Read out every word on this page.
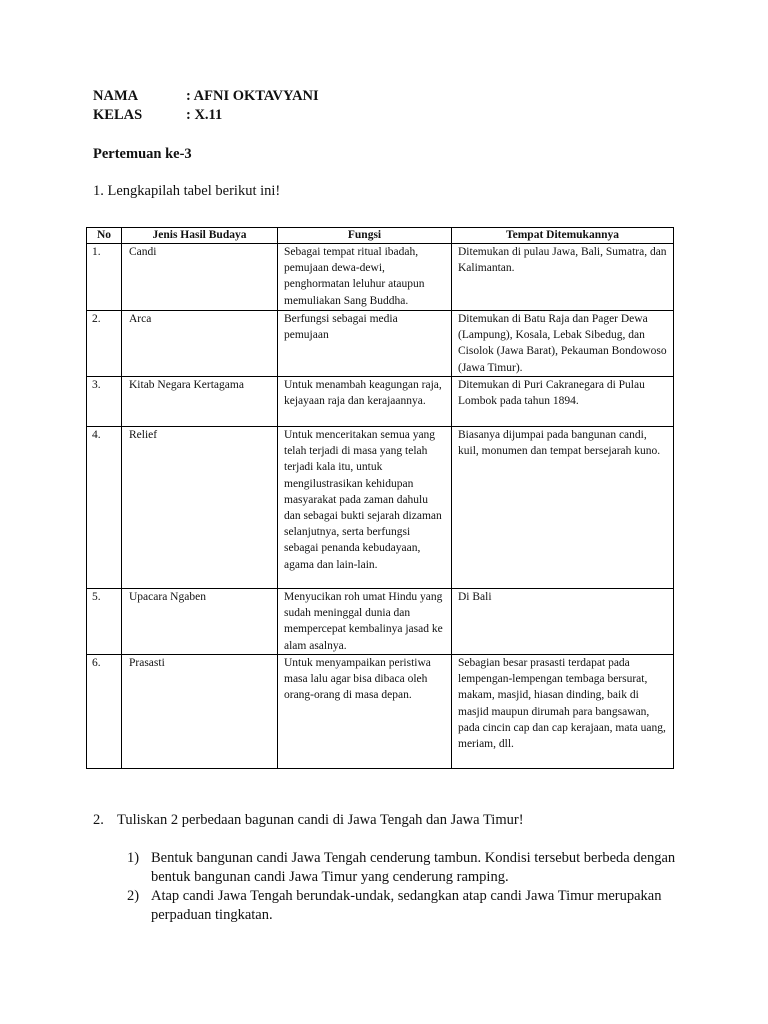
NAMA	: AFNI OKTAVYANI
KELAS	: X.11
Pertemuan ke-3
1. Lengkapilah tabel berikut ini!
No	Jenis Hasil Budaya	Fungsi	Tempat Ditemukannya
1.	Candi	Sebagai tempat ritual ibadah, pemujaan dewa-dewi, penghormatan leluhur ataupun memuliakan Sang Buddha.	Ditemukan di pulau Jawa, Bali, Sumatra, dan Kalimantan.
2.	Arca	Berfungsi sebagai media pemujaan	Ditemukan di Batu Raja dan Pager Dewa (Lampung), Kosala, Lebak Sibedug, dan Cisolok (Jawa Barat), Pekauman Bondowoso (Jawa Timur).
3.	Kitab Negara Kertagama	Untuk menambah keagungan raja, kejayaan raja dan kerajaannya.	Ditemukan di Puri Cakranegara di Pulau Lombok pada tahun 1894.
4.	Relief	Untuk menceritakan semua yang telah terjadi di masa yang telah terjadi kala itu, untuk mengilustrasikan kehidupan masyarakat pada zaman dahulu dan sebagai bukti sejarah dizaman selanjutnya, serta berfungsi sebagai penanda kebudayaan, agama dan lain-lain.	Biasanya dijumpai pada bangunan candi, kuil, monumen dan tempat bersejarah kuno.
5.	Upacara Ngaben	Menyucikan roh umat Hindu yang sudah meninggal dunia dan mempercepat kembalinya jasad ke alam asalnya.	Di Bali
6.	Prasasti	Untuk menyampaikan peristiwa masa lalu agar bisa dibaca oleh orang-orang di masa depan.	Sebagian besar prasasti terdapat pada lempengan-lempengan tembaga bersurat, makam, masjid, hiasan dinding, baik di masjid maupun dirumah para bangsawan, pada cincin cap dan cap kerajaan, mata uang, meriam, dll.
2. Tuliskan 2 perbedaan bagunan candi di Jawa Tengah dan Jawa Timur!
1) Bentuk bangunan candi Jawa Tengah cenderung tambun. Kondisi tersebut berbeda dengan bentuk bangunan candi Jawa Timur yang cenderung ramping.
2) Atap candi Jawa Tengah berundak-undak, sedangkan atap candi Jawa Timur merupakan perpaduan tingkatan.
